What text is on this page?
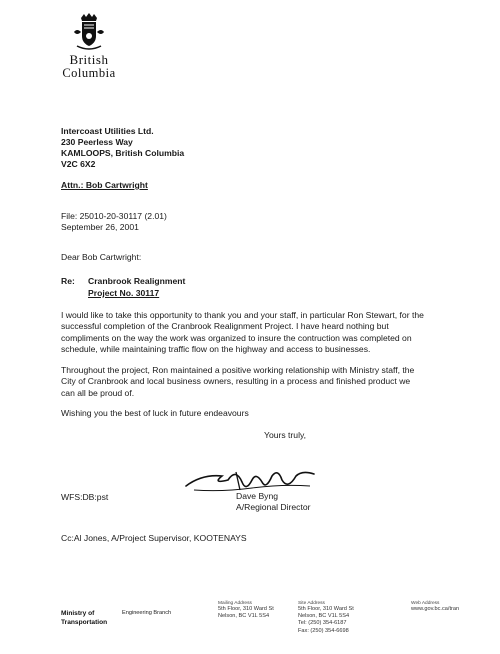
British
Columbia
Intercoast Utilities Ltd.
230 Peerless Way
KAMLOOPS, British Columbia
V2C 6X2
Attn.: Bob Cartwright
File: 25010-20-30117 (2.01)
September 26, 2001
Dear Bob Cartwright:
Re: Cranbrook Realignment
Project No. 30117
I would like to take this opportunity to thank you and your staff, in particular Ron Stewart, for the
successful completion of the Cranbrook Realignment Project. I have heard nothing but
compliments on the way the work was organized to insure the contruction was completed on
schedule, while maintaining traffic flow on the highway and access to businesses.
Throughout the project, Ron maintained a positive working relationship with Ministry staff, the
City of Cranbrook and local business owners, resulting in a process and finished product we
can all be proud of.
Wishing you the best of luck in future endeavours
Yours truly,
WFS:DB:pst	Dave Byng
A/Regional Director
Cc:Al Jones, A/Project Supervisor, KOOTENAYS
Ministry of
Transportation
Engineering Branch
Mailing Address
5th Floor, 310 Ward St
Nelson, BC V1L 5S4
Site Address
5th Floor, 310 Ward St
Nelson, BC V1L 5S4
Tel: (250) 354-6187
Fax: (250) 354-6698
Web Address
www.gov.bc.ca/tran
